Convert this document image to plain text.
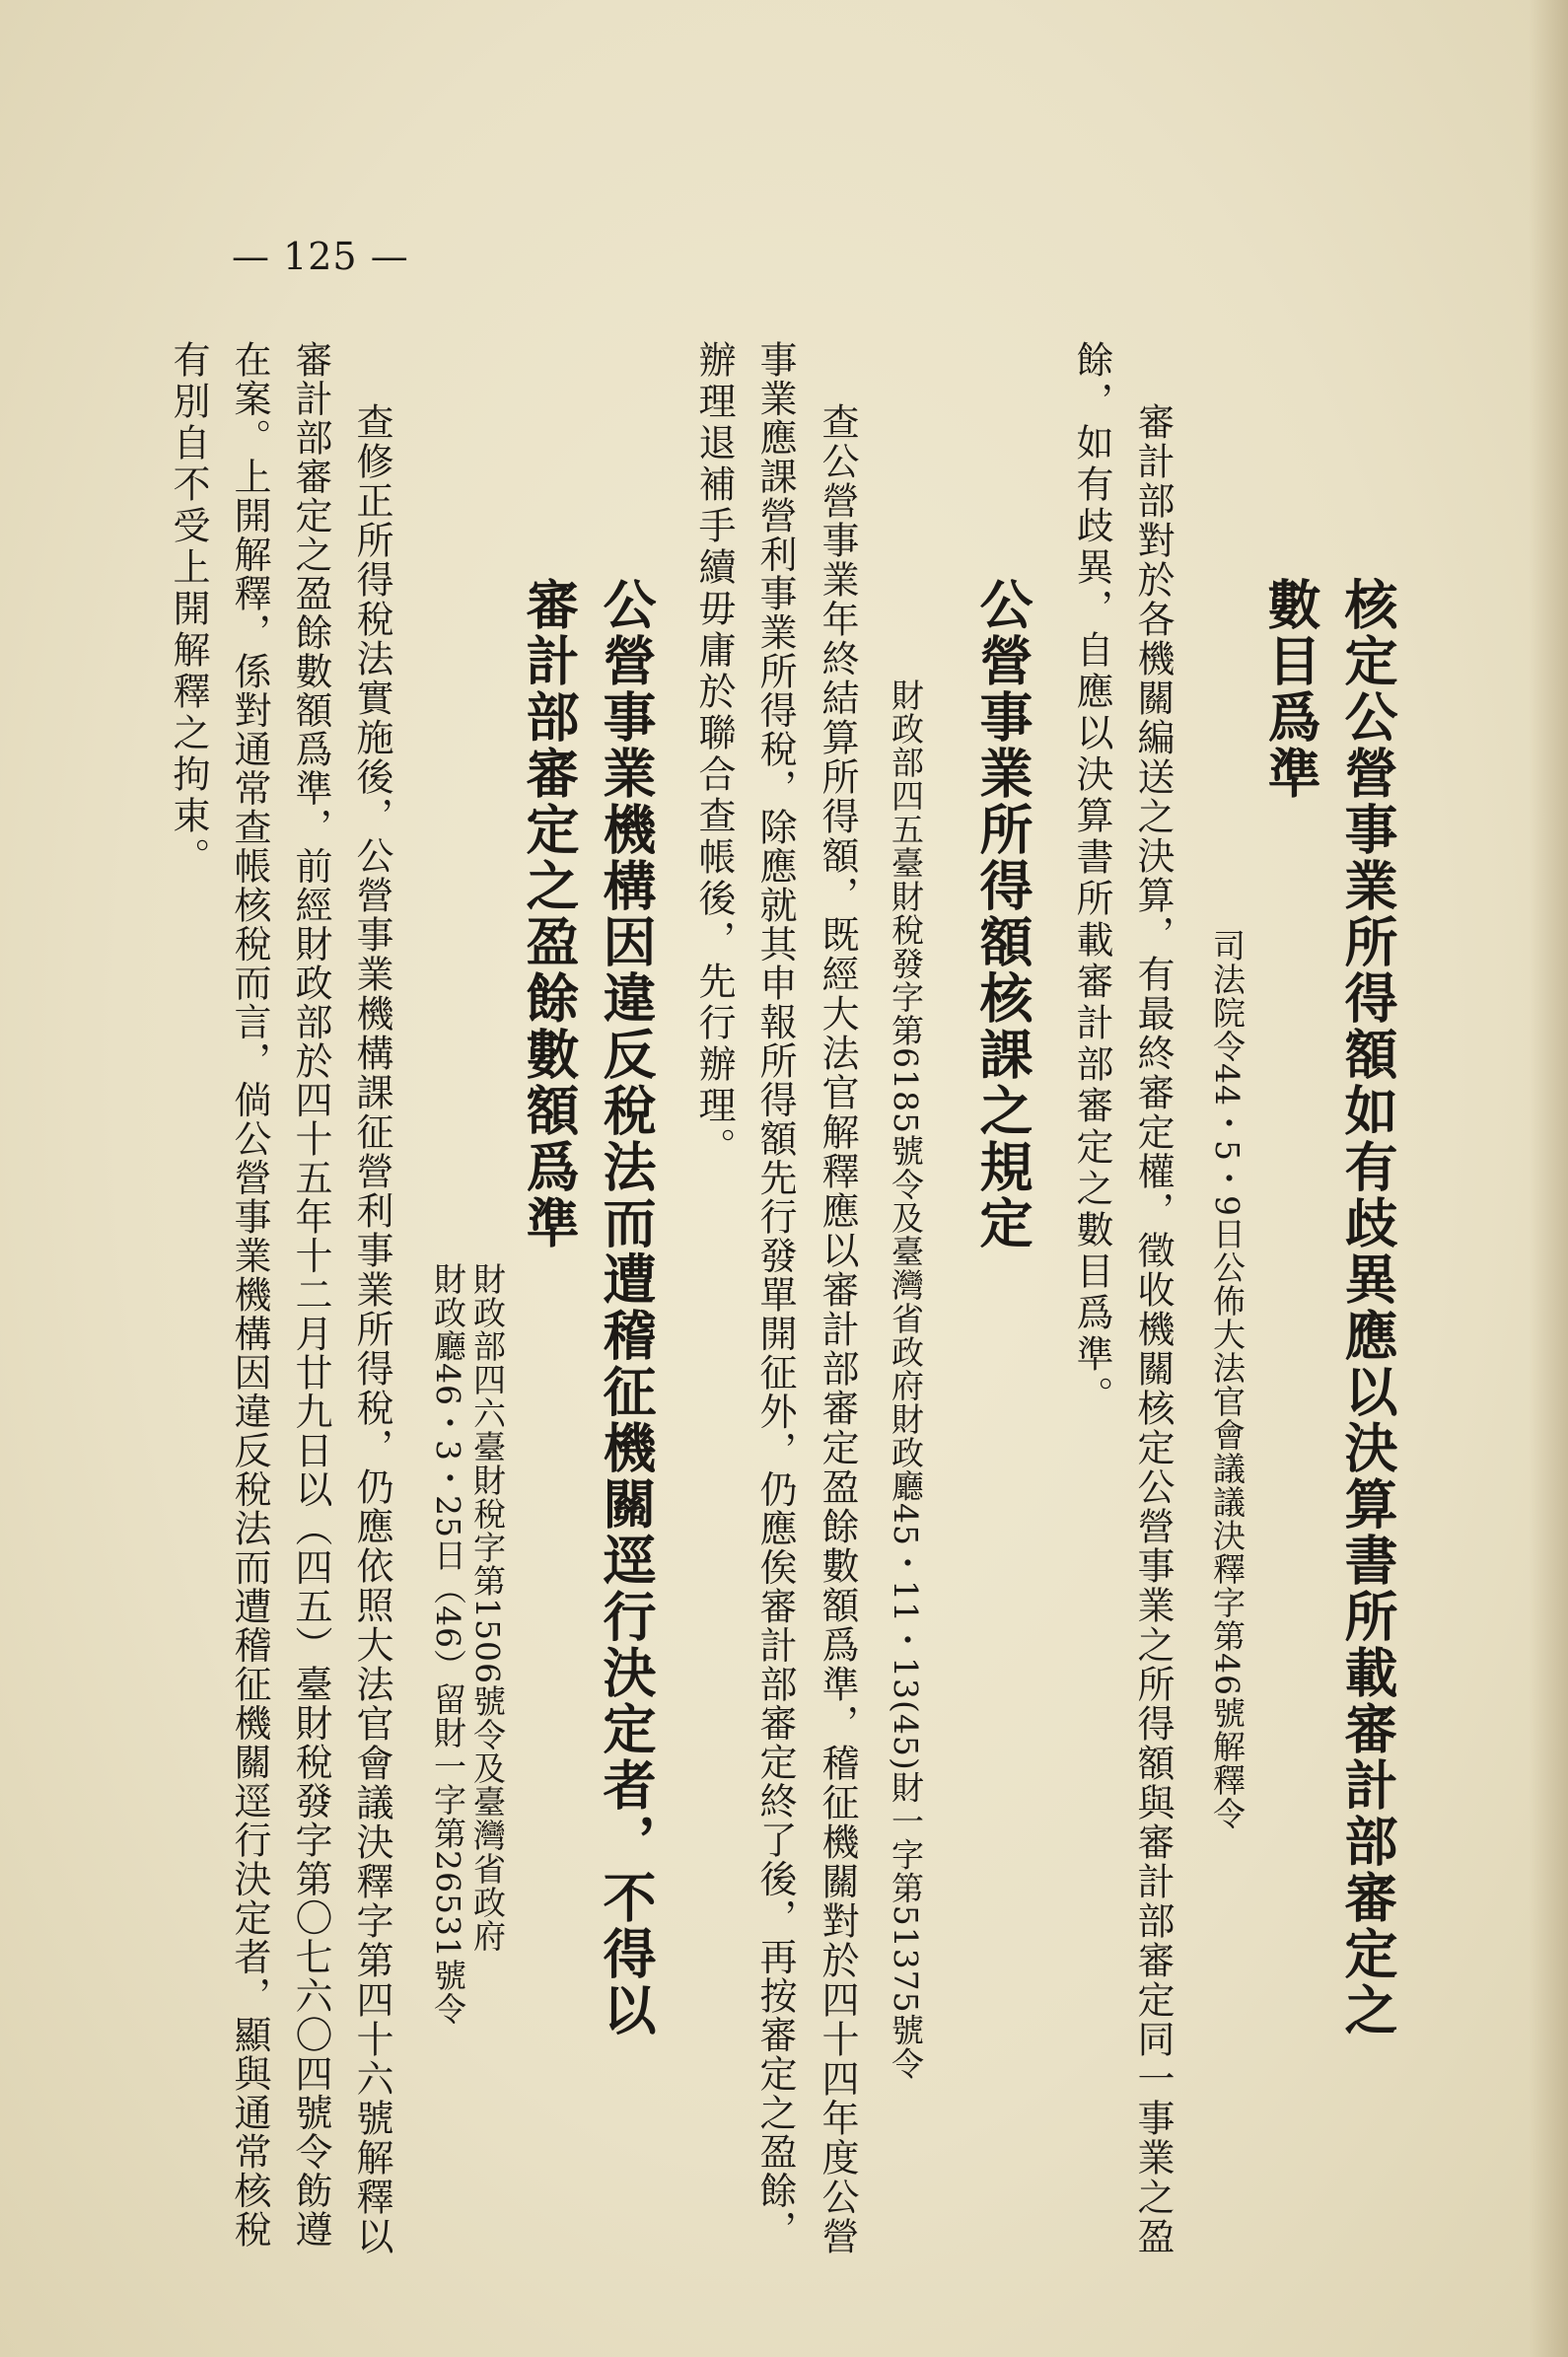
核定公營事業所得額如有歧異應以決算書所載審計部審定之
數目爲準
司法院令44・5・9日公佈大法官會議議決釋字第46號解釋令
審計部對於各機關編送之決算，有最終審定權，徵收機關核定公營事業之所得額與審計部審定同一事業之盈
餘，如有歧異，自應以決算書所載審計部審定之數目爲準。
公營事業所得額核課之規定
財政部四五臺財稅發字第6185號令及臺灣省政府財政廳45・11・13(45)財一字第51375號令
查公營事業年終結算所得額，既經大法官解釋應以審計部審定盈餘數額爲準，稽征機關對於四十四年度公營
事業應課營利事業所得稅，除應就其申報所得額先行發單開征外，仍應俟審計部審定終了後，再按審定之盈餘，
辦理退補手續毋庸於聯合查帳後，先行辦理。
公營事業機構因違反稅法而遭稽征機關逕行決定者，不得以
審計部審定之盈餘數額爲準
財政部四六臺財稅字第1506號令及臺灣省政府
財政廳46・3・25日（46）留財一字第26531號令
查修正所得稅法實施後，公營事業機構課征營利事業所得稅，仍應依照大法官會議決釋字第四十六號解釋以
審計部審定之盈餘數額爲準，前經財政部於四十五年十二月廿九日以（四五）臺財稅發字第〇七六〇四號令飭遵
在案。上開解釋，係對通常查帳核稅而言，倘公營事業機構因違反稅法而遭稽征機關逕行決定者，顯與通常核稅
有別自不受上開解釋之拘束。
— 125 —
